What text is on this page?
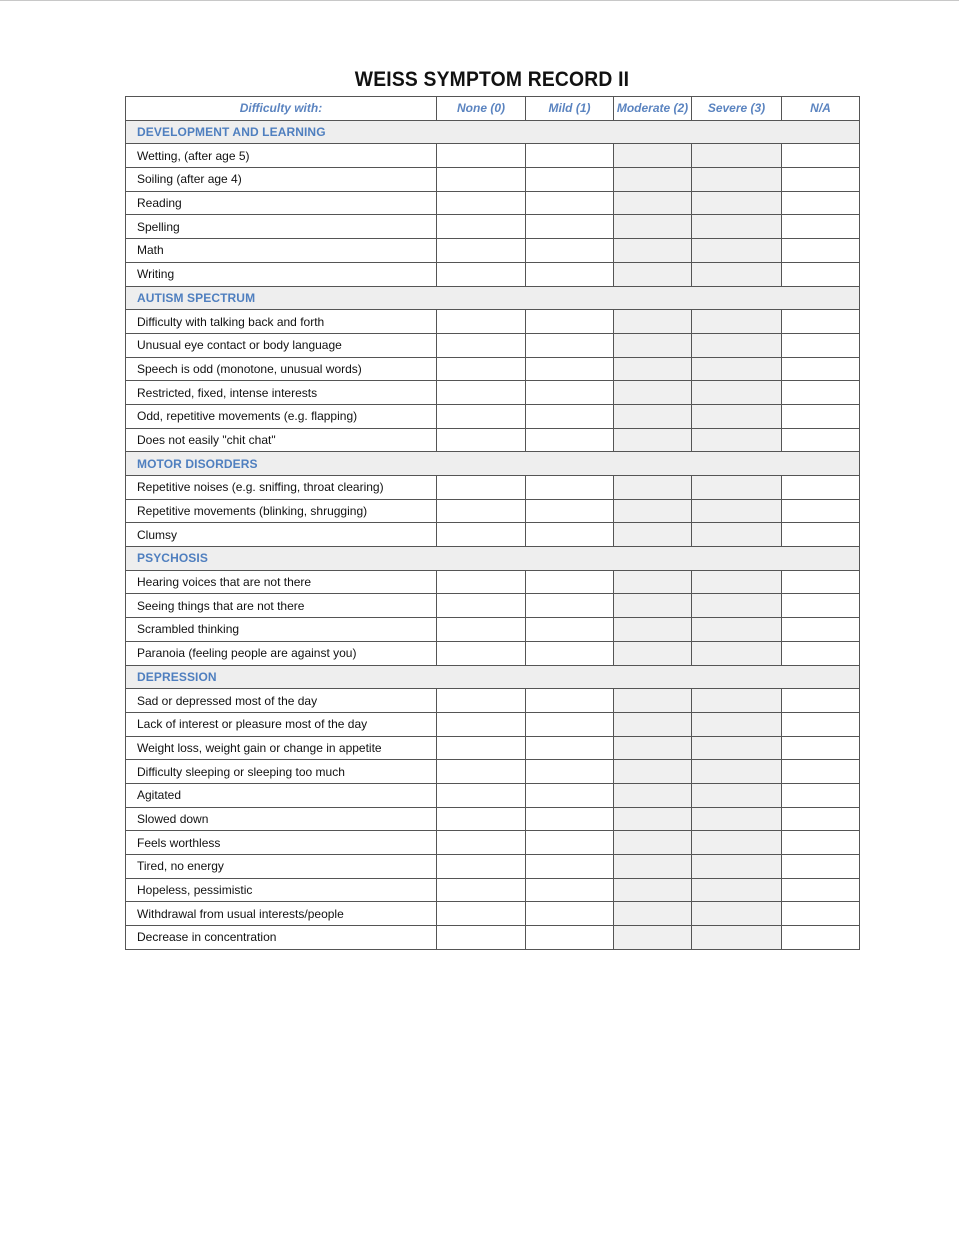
WEISS SYMPTOM RECORD II
Difficulty with:	None (0)	Mild (1)	Moderate (2)	Severe (3)	N/A
DEVELOPMENT AND LEARNING					
Wetting, (after age 5)					
Soiling (after age 4)					
Reading					
Spelling					
Math					
Writing					
AUTISM SPECTRUM					
Difficulty with talking back and forth					
Unusual eye contact or body language					
Speech is odd (monotone, unusual words)					
Restricted, fixed, intense interests					
Odd, repetitive movements (e.g. flapping)					
Does not easily "chit chat"					
MOTOR DISORDERS					
Repetitive noises (e.g. sniffing, throat clearing)					
Repetitive movements (blinking, shrugging)					
Clumsy					
PSYCHOSIS					
Hearing voices that are not there					
Seeing things that are not there					
Scrambled thinking					
Paranoia (feeling people are against you)					
DEPRESSION					
Sad or depressed most of the day					
Lack of interest or pleasure most of the day					
Weight loss, weight gain or change in appetite					
Difficulty sleeping or sleeping too much					
Agitated					
Slowed down					
Feels worthless					
Tired, no energy					
Hopeless, pessimistic					
Withdrawal from usual interests/people					
Decrease in concentration					
